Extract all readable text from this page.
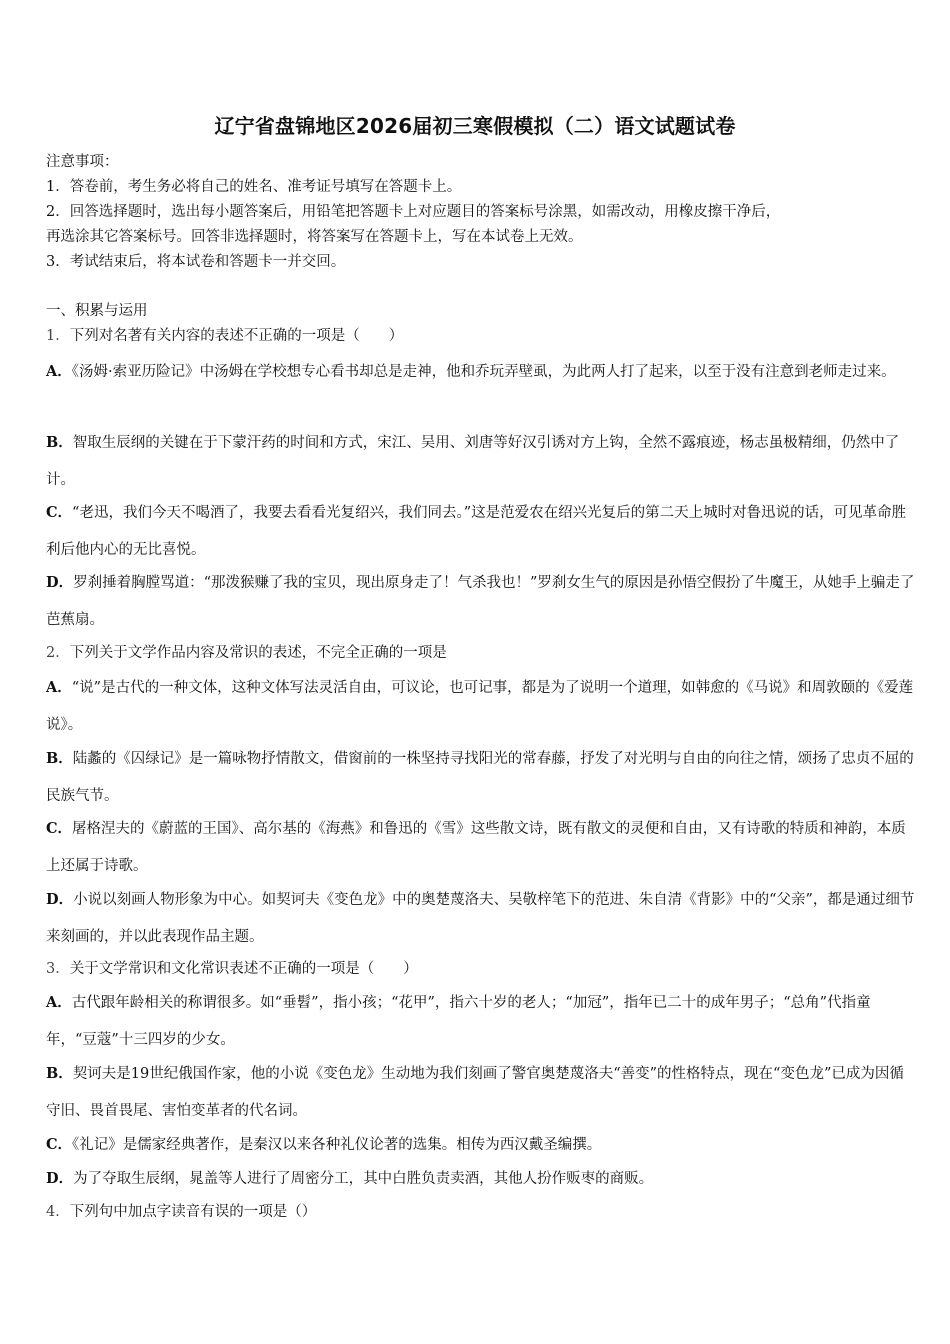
辽宁省盘锦地区2026届初三寒假模拟（二）语文试题试卷
注意事项：
1．答卷前，考生务必将自己的姓名、准考证号填写在答题卡上。
2．回答选择题时，选出每小题答案后，用铅笔把答题卡上对应题目的答案标号涂黑，如需改动，用橡皮擦干净后，
再选涂其它答案标号。回答非选择题时，将答案写在答题卡上，写在本试卷上无效。
3．考试结束后，将本试卷和答题卡一并交回。
一、积累与运用
1．下列对名著有关内容的表述不正确的一项是（　　）
A．《汤姆·索亚历险记》中汤姆在学校想专心看书却总是走神，他和乔玩弄壁虱，为此两人打了起来，以至于没有注意到老师走过来。
B．智取生辰纲的关键在于下蒙汗药的时间和方式，宋江、吴用、刘唐等好汉引诱对方上钩，全然不露痕迹，杨志虽极精细，仍然中了计。
C．“老迅，我们今天不喝酒了，我要去看看光复绍兴，我们同去。”这是范爱农在绍兴光复后的第二天上城时对鲁迅说的话，可见革命胜利后他内心的无比喜悦。
D．罗刹捶着胸膛骂道：“那泼猴赚了我的宝贝，现出原身走了！气杀我也！”罗刹女生气的原因是孙悟空假扮了牛魔王，从她手上骗走了芭蕉扇。
2．下列关于文学作品内容及常识的表述，不完全正确的一项是
A．“说”是古代的一种文体，这种文体写法灵活自由，可议论，也可记事，都是为了说明一个道理，如韩愈的《马说》和周敦颐的《爱莲说》。
B．陆蠡的《囚绿记》是一篇咏物抒情散文，借窗前的一株坚持寻找阳光的常春藤，抒发了对光明与自由的向往之情，颂扬了忠贞不屈的民族气节。
C．屠格涅夫的《蔚蓝的王国》、高尔基的《海燕》和鲁迅的《雪》这些散文诗，既有散文的灵便和自由，又有诗歌的特质和神韵，本质上还属于诗歌。
D．小说以刻画人物形象为中心。如契诃夫《变色龙》中的奥楚蔑洛夫、吴敬梓笔下的范进、朱自清《背影》中的“父亲”，都是通过细节来刻画的，并以此表现作品主题。
3．关于文学常识和文化常识表述不正确的一项是（　　）
A．古代跟年龄相关的称谓很多。如“垂髫”，指小孩；“花甲”，指六十岁的老人；“加冠”，指年已二十的成年男子；“总角”代指童年，“豆蔻”十三四岁的少女。
B．契诃夫是19世纪俄国作家，他的小说《变色龙》生动地为我们刻画了警官奥楚蔑洛夫“善变”的性格特点，现在“变色龙”已成为因循守旧、畏首畏尾、害怕变革者的代名词。
C．《礼记》是儒家经典著作，是秦汉以来各种礼仪论著的选集。相传为西汉戴圣编撰。
D．为了夺取生辰纲，晁盖等人进行了周密分工，其中白胜负责卖酒，其他人扮作贩枣的商贩。
4．下列句中加点字读音有误的一项是（）
